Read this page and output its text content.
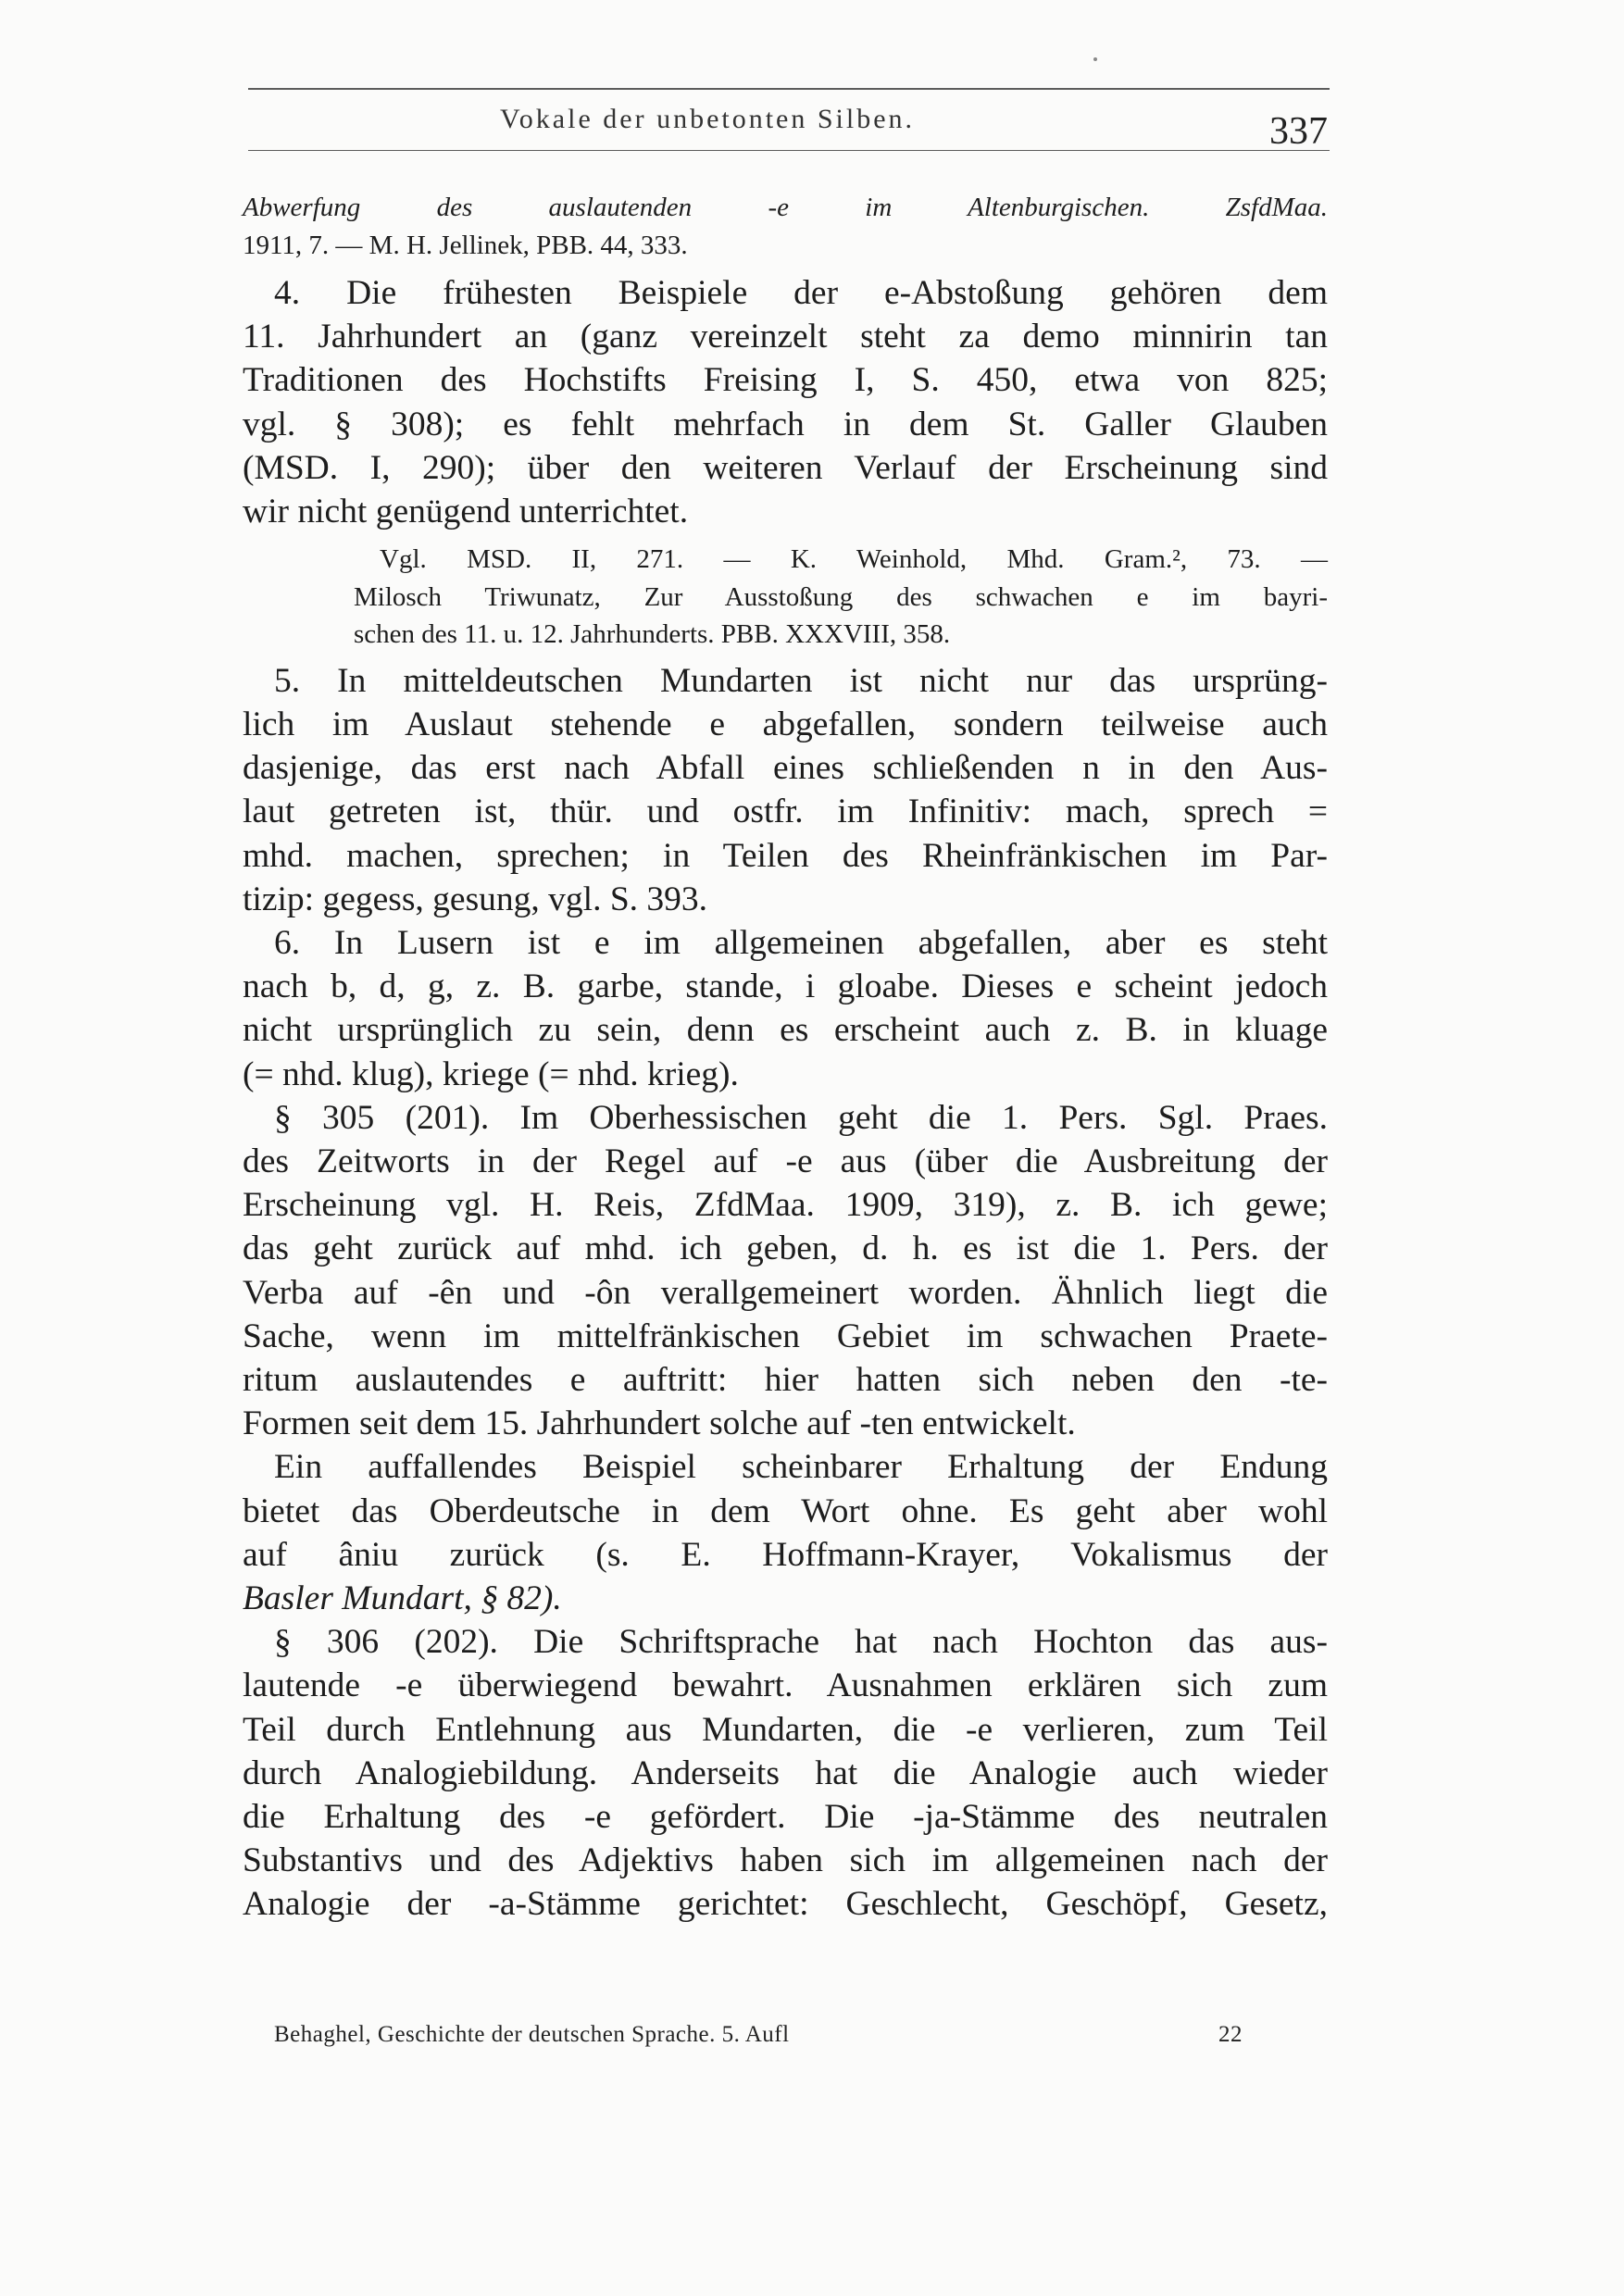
Vokale der unbetonten Silben.	337
Abwerfung des auslautenden -e im Altenburgischen. ZsfdMaa.
1911, 7. — M. H. Jellinek, PBB. 44, 333.
4. Die frühesten Beispiele der e-Abstoßung gehören dem
11. Jahrhundert an (ganz vereinzelt steht za demo minnirin tan
Traditionen des Hochstifts Freising I, S. 450, etwa von 825;
vgl. § 308); es fehlt mehrfach in dem St. Galler Glauben
(MSD. I, 290); über den weiteren Verlauf der Erscheinung sind
wir nicht genügend unterrichtet.
Vgl. MSD. II, 271. — K. Weinhold, Mhd. Gram.², 73. —
Milosch Triwunatz, Zur Ausstoßung des schwachen e im bayri-
schen des 11. u. 12. Jahrhunderts. PBB. XXXVIII, 358.
5. In mitteldeutschen Mundarten ist nicht nur das ursprüng-
lich im Auslaut stehende e abgefallen, sondern teilweise auch
dasjenige, das erst nach Abfall eines schließenden n in den Aus-
laut getreten ist, thür. und ostfr. im Infinitiv: mach, sprech =
mhd. machen, sprechen; in Teilen des Rheinfränkischen im Par-
tizip: gegess, gesung, vgl. S. 393.
6. In Lusern ist e im allgemeinen abgefallen, aber es steht
nach b, d, g, z. B. garbe, stande, i gloabe. Dieses e scheint jedoch
nicht ursprünglich zu sein, denn es erscheint auch z. B. in kluage
(= nhd. klug), kriege (= nhd. krieg).
§ 305 (201). Im Oberhessischen geht die 1. Pers. Sgl. Praes.
des Zeitworts in der Regel auf -e aus (über die Ausbreitung der
Erscheinung vgl. H. Reis, ZfdMaa. 1909, 319), z. B. ich gewe;
das geht zurück auf mhd. ich geben, d. h. es ist die 1. Pers. der
Verba auf -ên und -ôn verallgemeinert worden. Ähnlich liegt die
Sache, wenn im mittelfränkischen Gebiet im schwachen Praete-
ritum auslautendes e auftritt: hier hatten sich neben den -te-
Formen seit dem 15. Jahrhundert solche auf -ten entwickelt.
Ein auffallendes Beispiel scheinbarer Erhaltung der Endung
bietet das Oberdeutsche in dem Wort ohne. Es geht aber wohl
auf âniu zurück (s. E. Hoffmann-Krayer, Vokalismus der
Basler Mundart, § 82).
§ 306 (202). Die Schriftsprache hat nach Hochton das aus-
lautende -e überwiegend bewahrt. Ausnahmen erklären sich zum
Teil durch Entlehnung aus Mundarten, die -e verlieren, zum Teil
durch Analogiebildung. Anderseits hat die Analogie auch wieder
die Erhaltung des -e gefördert. Die -ja-Stämme des neutralen
Substantivs und des Adjektivs haben sich im allgemeinen nach der
Analogie der -a-Stämme gerichtet: Geschlecht, Geschöpf, Gesetz,
Behaghel, Geschichte der deutschen Sprache. 5. Aufl	22
